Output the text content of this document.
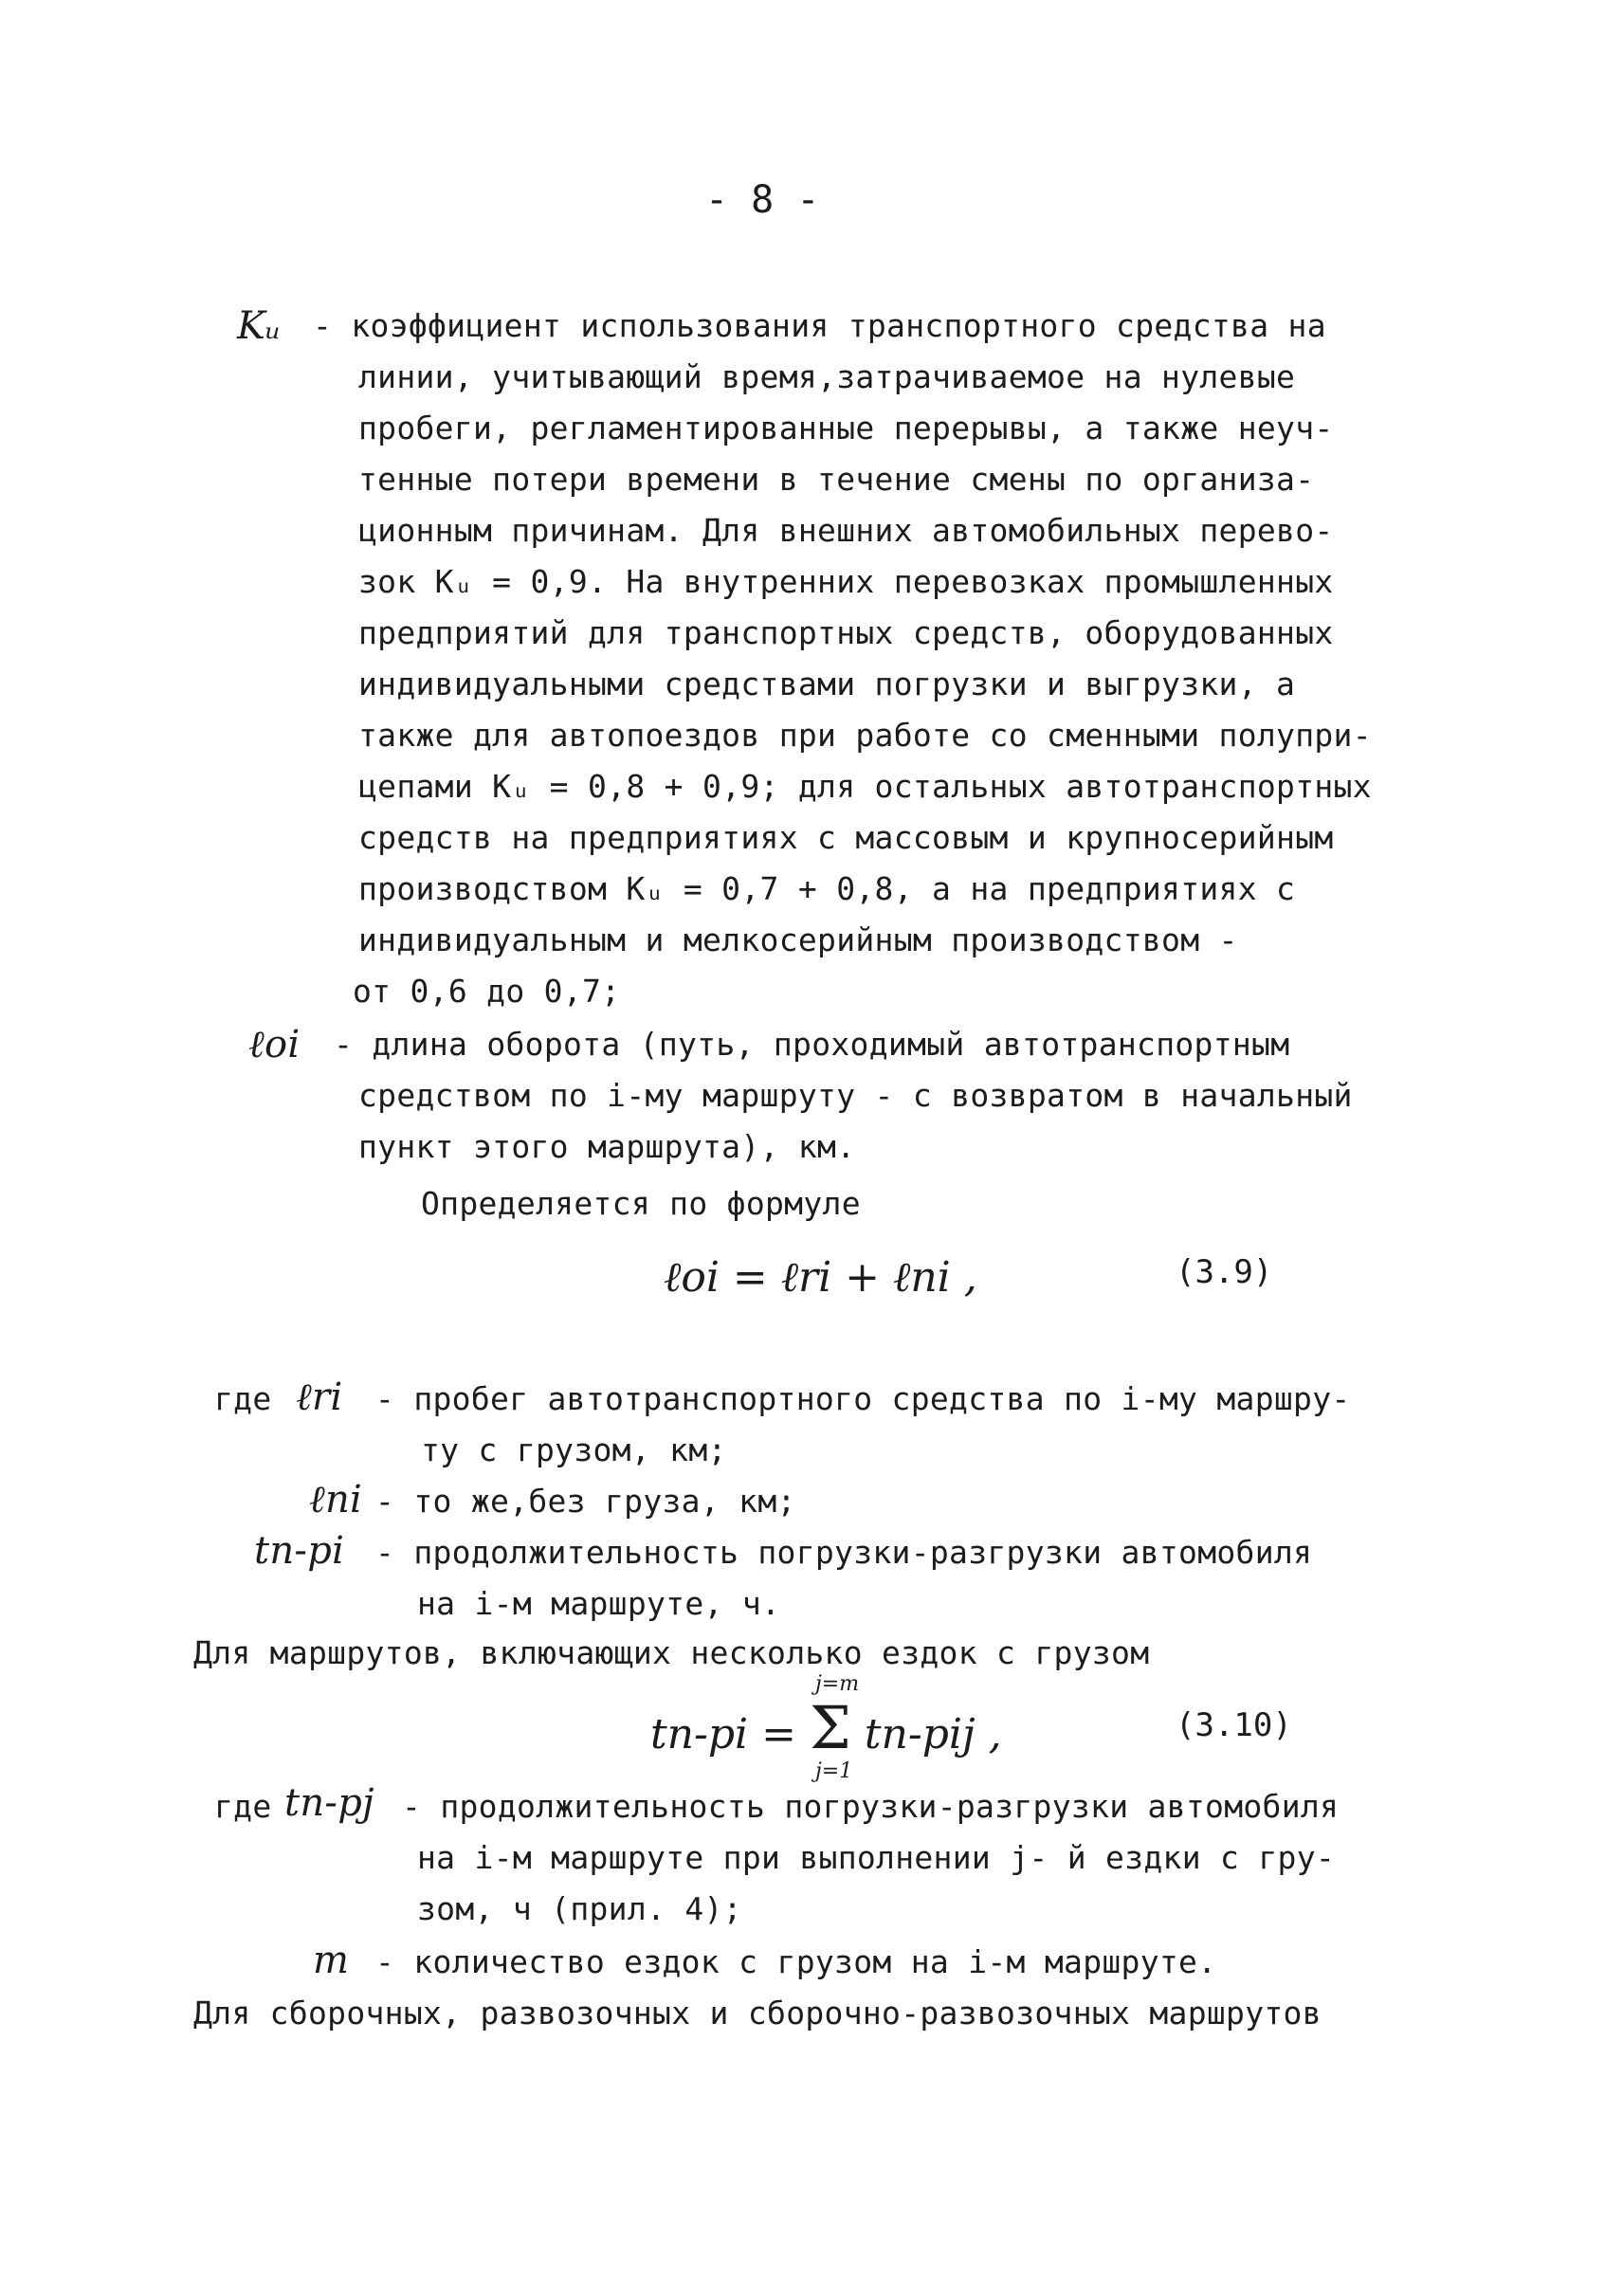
- 8 -
Kᵤ - коэффициент использования транспортного средства на
линии, учитывающий время,затрачиваемое на нулевые
пробеги, регламентированные перерывы, а также неуч-
тенные потери времени в течение смены по организа-
ционным причинам. Для внешних автомобильных перево-
зок Kᵤ = 0,9. На внутренних перевозках промышленных
предприятий для транспортных средств, оборудованных
индивидуальными средствами погрузки и выгрузки, а
также для автопоездов при работе со сменными полупри-
цепами Kᵤ = 0,8 + 0,9; для остальных автотранспортных
средств на предприятиях с массовым и крупносерийным
производством Kᵤ = 0,7 + 0,8, а на предприятиях с
индивидуальным и мелкосерийным производством -
от 0,6 до 0,7;
ℓoi - длина оборота (путь, проходимый автотранспортным
средством по i-му маршруту - с возвратом в начальный
пункт этого маршрута), км.
Определяется по формуле
ℓoi = ℓri + ℓni ,	(3.9)
где ℓri - пробег автотранспортного средства по i-му маршру-
ту с грузом, км;
ℓni - то же,без груза, км;
tn-pi - продолжительность погрузки-разгрузки автомобиля
на i-м маршруте, ч.
Для маршрутов, включающих несколько ездок с грузом
tn-pi = Σ
j=m
j=1
tn-pij ,	(3.10)
где tn-pj - продолжительность погрузки-разгрузки автомобиля
на i-м маршруте при выполнении j- й ездки с гру-
зом, ч (прил. 4);
m - количество ездок с грузом на i-м маршруте.
Для сборочных, развозочных и сборочно-развозочных маршрутов
